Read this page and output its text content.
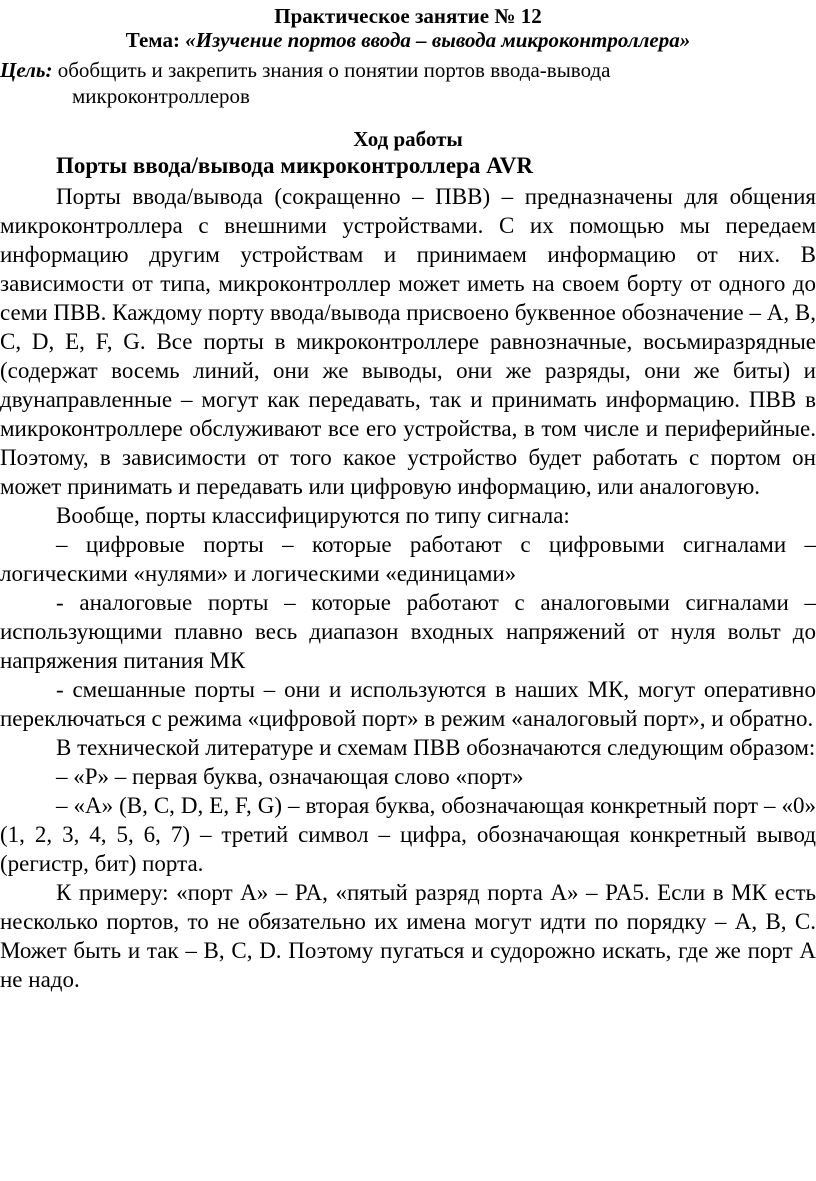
Практическое занятие № 12
Тема: «Изучение портов ввода – вывода микроконтроллера»
Цель: обобщить и закрепить знания о понятии портов ввода-вывода
микроконтроллеров
Ход работы
Порты ввода/вывода микроконтроллера AVR

Порты ввода/вывода (сокращенно – ПВВ) – предназначены для общения микроконтроллера с внешними устройствами. С их помощью мы передаем информацию другим устройствам и принимаем информацию от них. В зависимости от типа, микроконтроллер может иметь на своем борту от одного до семи ПВВ. Каждому порту ввода/вывода присвоено буквенное обозначение – A, B, C, D, E, F, G. Все порты в микроконтроллере равнозначные, восьмиразрядные (содержат восемь линий, они же выводы, они же разряды, они же биты) и двунаправленные – могут как передавать, так и принимать информацию. ПВВ в микроконтроллере обслуживают все его устройства, в том числе и периферийные. Поэтому, в зависимости от того какое устройство будет работать с портом он может принимать и передавать или цифровую информацию, или аналоговую.

Вообще, порты классифицируются по типу сигнала:

– цифровые порты – которые работают с цифровыми сигналами – логическими «нулями» и логическими «единицами»

- аналоговые порты – которые работают с аналоговыми сигналами – использующими плавно весь диапазон входных напряжений от нуля вольт до напряжения питания МК

- смешанные порты – они и используются в наших МК, могут оперативно переключаться с режима «цифровой порт» в режим «аналоговый порт», и обратно.

В технической литературе и схемам ПВВ обозначаются следующим образом:

– «P» – первая буква, означающая слово «порт»

– «A» (B, C, D, E, F, G) – вторая буква, обозначающая конкретный порт – «0» (1, 2, 3, 4, 5, 6, 7) – третий символ – цифра, обозначающая конкретный вывод (регистр, бит) порта.

К примеру: «порт А» – PA, «пятый разряд порта А» – PA5. Если в МК есть несколько портов, то не обязательно их имена могут идти по порядку – A, B, C. Может быть и так – B, C, D. Поэтому пугаться и судорожно искать, где же порт А не надо.
